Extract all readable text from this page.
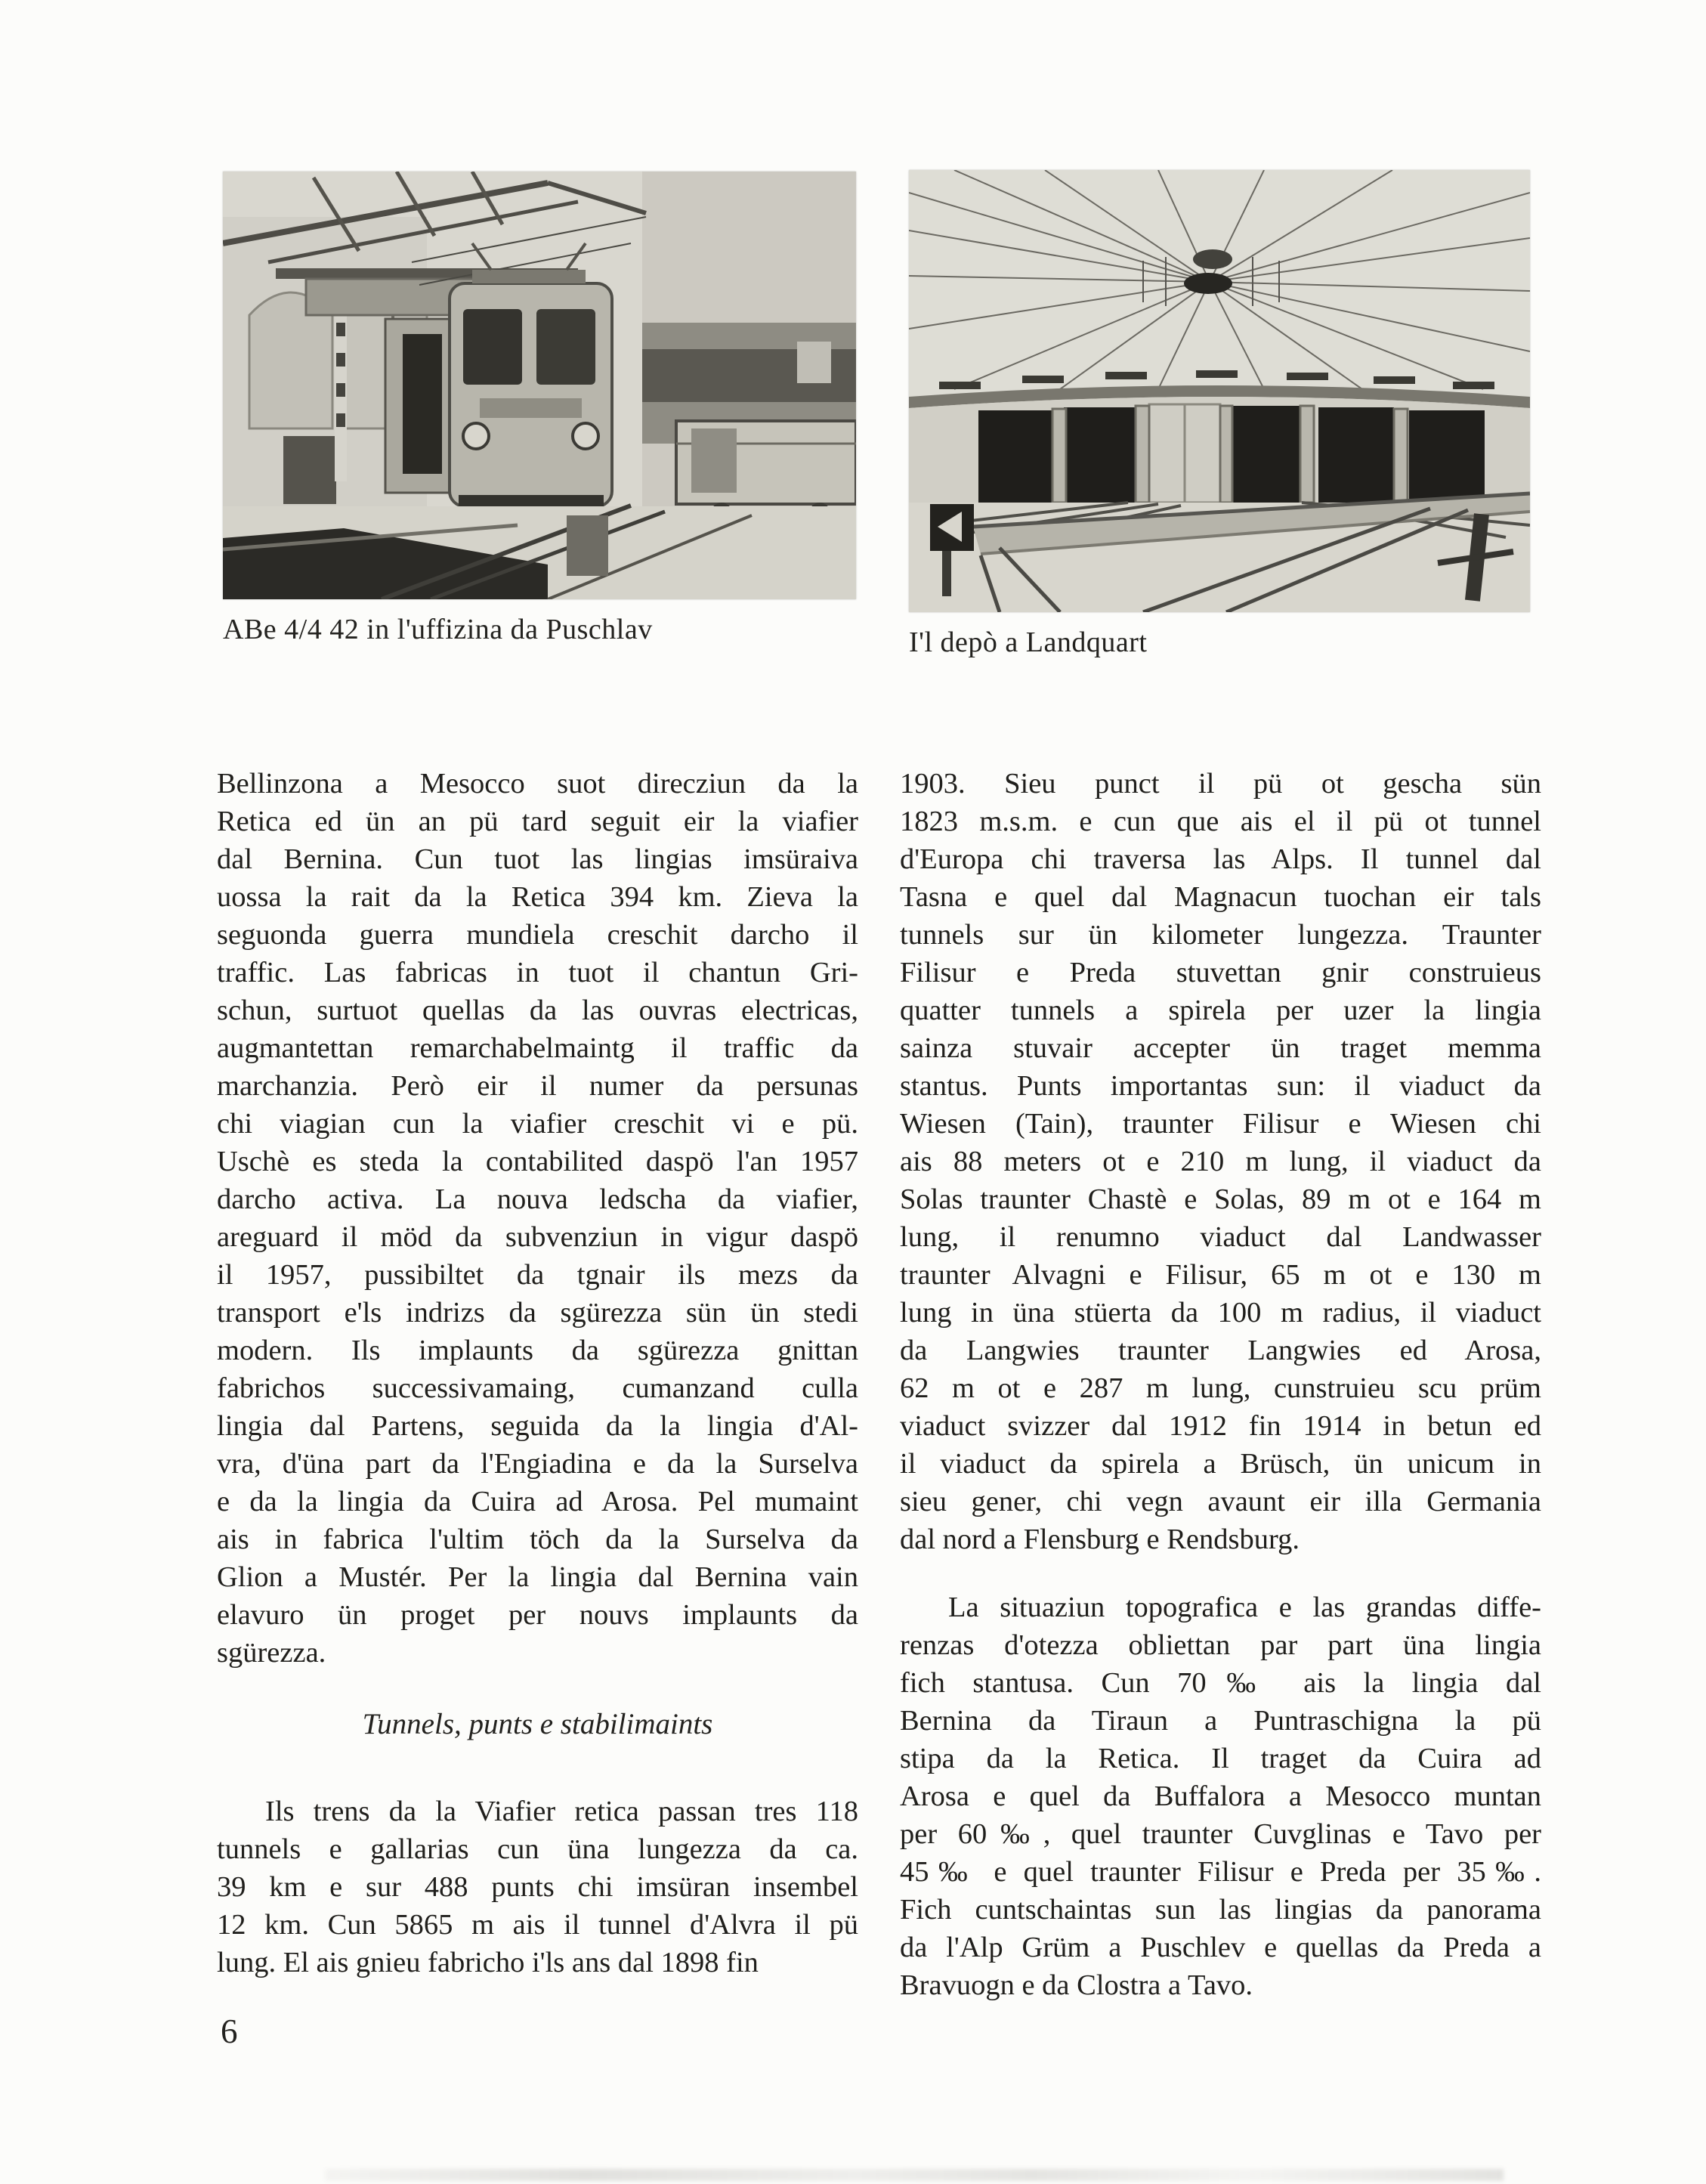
ABe 4/4 42 in l'uffizina da Puschlav	I'l depò a Landquart
Bellinzona a Mesocco suot direcziun da la
Retica ed ün an pü tard seguit eir la viafier
dal Bernina. Cun tuot las lingias imsüraiva
uossa la rait da la Retica 394 km. Zieva la
seguonda guerra mundiela creschit darcho il
traffic. Las fabricas in tuot il chantun Gri-
schun, surtuot quellas da las ouvras electricas,
augmantettan remarchabelmaintg il traffic da
marchanzia. Però eir il numer da persunas
chi viagian cun la viafier creschit vi e pü.
Uschè es steda la contabilited daspö l'an 1957
darcho activa. La nouva ledscha da viafier,
areguard il möd da subvenziun in vigur daspö
il 1957, pussibiltet da tgnair ils mezs da
transport e'ls indrizs da sgürezza sün ün stedi
modern. Ils implaunts da sgürezza gnittan
fabrichos successivamaing, cumanzand culla
lingia dal Partens, seguida da la lingia d'Al-
vra, d'üna part da l'Engiadina e da la Surselva
e da la lingia da Cuira ad Arosa. Pel mumaint
ais in fabrica l'ultim töch da la Surselva da
Glion a Mustér. Per la lingia dal Bernina vain
elavuro ün proget per nouvs implaunts da
sgürezza.
Tunnels, punts e stabilimaints
Ils trens da la Viafier retica passan tres 118
tunnels e gallarias cun üna lungezza da ca.
39 km e sur 488 punts chi imsüran insembel
12 km. Cun 5865 m ais il tunnel d'Alvra il pü
lung. El ais gnieu fabricho i'ls ans dal 1898 fin
1903. Sieu punct il pü ot gescha sün
1823 m.s.m. e cun que ais el il pü ot tunnel
d'Europa chi traversa las Alps. Il tunnel dal
Tasna e quel dal Magnacun tuochan eir tals
tunnels sur ün kilometer lungezza. Traunter
Filisur e Preda stuvettan gnir construieus
quatter tunnels a spirela per uzer la lingia
sainza stuvair accepter ün traget memma
stantus. Punts importantas sun: il viaduct da
Wiesen (Tain), traunter Filisur e Wiesen chi
ais 88 meters ot e 210 m lung, il viaduct da
Solas traunter Chastè e Solas, 89 m ot e 164 m
lung, il renumno viaduct dal Landwasser
traunter Alvagni e Filisur, 65 m ot e 130 m
lung in üna stüerta da 100 m radius, il viaduct
da Langwies traunter Langwies ed Arosa,
62 m ot e 287 m lung, cunstruieu scu prüm
viaduct svizzer dal 1912 fin 1914 in betun ed
il viaduct da spirela a Brüsch, ün unicum in
sieu gener, chi vegn avaunt eir illa Germania
dal nord a Flensburg e Rendsburg.
La situaziun topografica e las grandas diffe-
renzas d'otezza obliettan par part üna lingia
fich stantusa. Cun 70‰ ais la lingia dal
Bernina da Tiraun a Puntraschigna la pü
stipa da la Retica. Il traget da Cuira ad
Arosa e quel da Buffalora a Mesocco muntan
per 60‰, quel traunter Cuvglinas e Tavo per
45‰ e quel traunter Filisur e Preda per 35‰.
Fich cuntschaintas sun las lingias da panorama
da l'Alp Grüm a Puschlev e quellas da Preda a
Bravuogn e da Clostra a Tavo.
6
